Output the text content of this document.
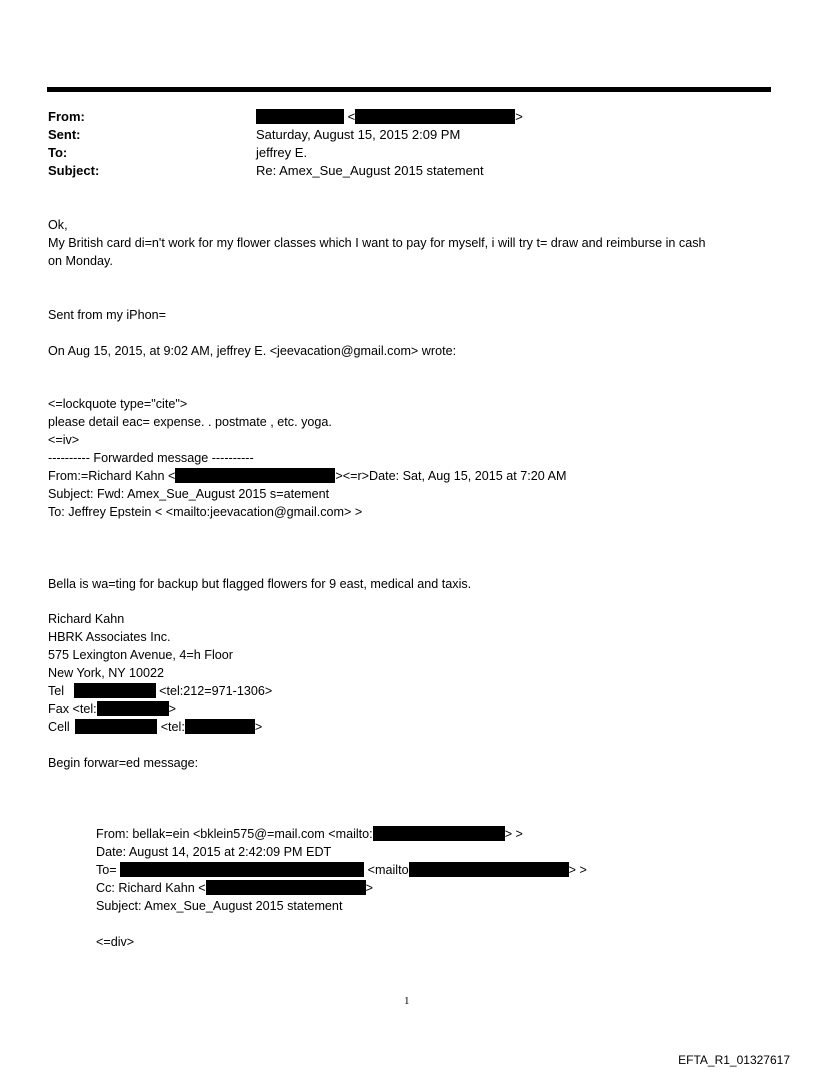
From:	<	>
Sent:	Saturday, August 15, 2015 2:09 PM
To:	jeffrey E.
Subject:	Re: Amex_Sue_August 2015 statement
Ok,
My British card di=n't work for my flower classes which I want to pay for myself, i will try t= draw and reimburse in cash
on Monday.
Sent from my iPhon=
On Aug 15, 2015, at 9:02 AM, jeffrey E. <jeevacation@gmail.com> wrote:
<=lockquote type="cite">
please detail eac= expense. . postmate , etc. yoga.
<=iv>
---------- Forwarded message ----------
From:=Richard Kahn <	><=r>Date: Sat, Aug 15, 2015 at 7:20 AM
Subject: Fwd: Amex_Sue_August 2015 s=atement
To: Jeffrey Epstein < <mailto:jeevacation@gmail.com> >
Bella is wa=ting for backup but flagged flowers for 9 east, medical and taxis.
Richard Kahn
HBRK Associates Inc.
575 Lexington Avenue, 4=h Floor
New York, NY 10022
Tel	<tel:212=971-1306>
Fax <tel:	>
Cell	<tel:	>
Begin forwar=ed message:
From: bellak=ein <bklein575@=mail.com <mailto:	> >
Date: August 14, 2015 at 2:42:09 PM EDT
To=	<mailto	> >
Cc: Richard Kahn <	>
Subject: Amex_Sue_August 2015 statement
<=div>
1
EFTA_R1_01327617
